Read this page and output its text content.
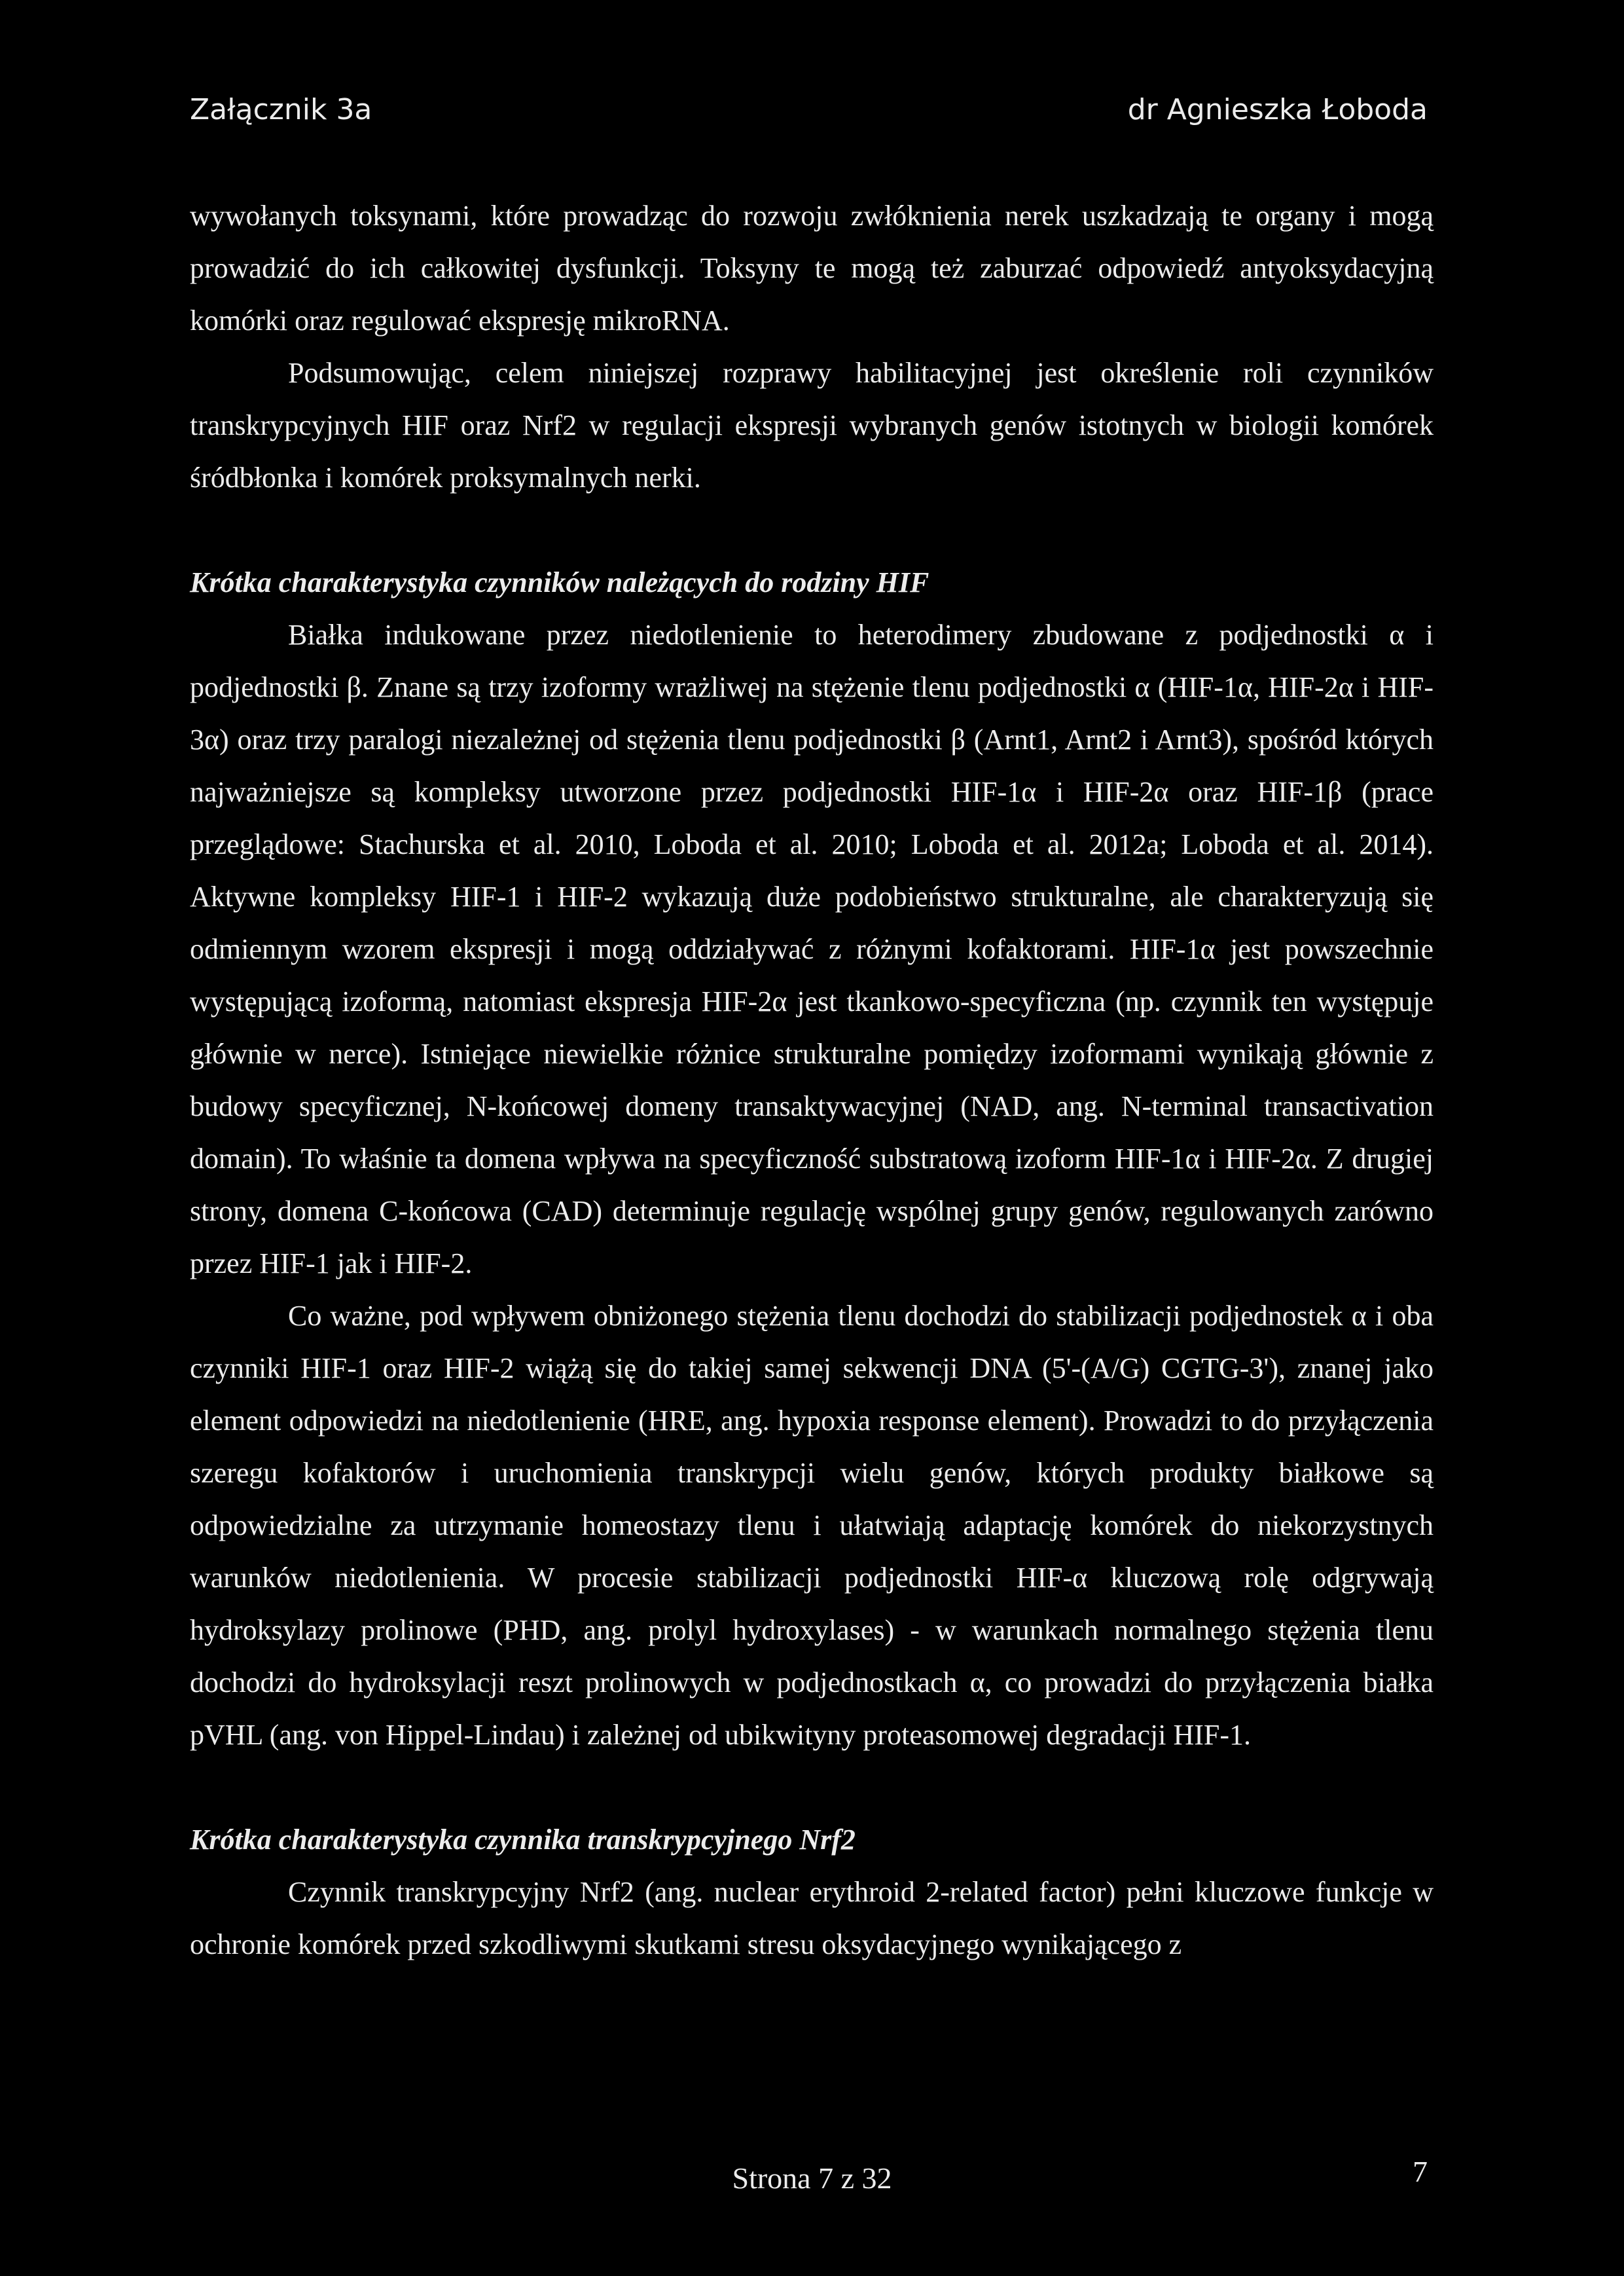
Załącznik 3a	dr Agnieszka Łoboda

wywołanych toksynami, które prowadząc do rozwoju zwłóknienia nerek uszkadzają te organy i mogą prowadzić do ich całkowitej dysfunkcji. Toksyny te mogą też zaburzać odpowiedź antyoksydacyjną komórki oraz regulować ekspresję mikroRNA.

Podsumowując, celem niniejszej rozprawy habilitacyjnej jest określenie roli czynników transkrypcyjnych HIF oraz Nrf2 w regulacji ekspresji wybranych genów istotnych w biologii komórek śródbłonka i komórek proksymalnych nerki.

Krótka charakterystyka czynników należących do rodziny HIF

Białka indukowane przez niedotlenienie to heterodimery zbudowane z podjednostki α i podjednostki β. Znane są trzy izoformy wrażliwej na stężenie tlenu podjednostki α (HIF-1α, HIF-2α i HIF-3α) oraz trzy paralogi niezależnej od stężenia tlenu podjednostki β (Arnt1, Arnt2 i Arnt3), spośród których najważniejsze są kompleksy utworzone przez podjednostki HIF-1α i HIF-2α oraz HIF-1β (prace przeglądowe: Stachurska et al. 2010, Loboda et al. 2010; Loboda et al. 2012a; Loboda et al. 2014). Aktywne kompleksy HIF-1 i HIF-2 wykazują duże podobieństwo strukturalne, ale charakteryzują się odmiennym wzorem ekspresji i mogą oddziaływać z różnymi kofaktorami. HIF-1α jest powszechnie występującą izoformą, natomiast ekspresja HIF-2α jest tkankowo-specyficzna (np. czynnik ten występuje głównie w nerce). Istniejące niewielkie różnice strukturalne pomiędzy izoformami wynikają głównie z budowy specyficznej, N-końcowej domeny transaktywacyjnej (NAD, ang. N-terminal transactivation domain). To właśnie ta domena wpływa na specyficzność substratową izoform HIF-1α i HIF-2α. Z drugiej strony, domena C-końcowa (CAD) determinuje regulację wspólnej grupy genów, regulowanych zarówno przez HIF-1 jak i HIF-2.

Co ważne, pod wpływem obniżonego stężenia tlenu dochodzi do stabilizacji podjednostek α i oba czynniki HIF-1 oraz HIF-2 wiążą się do takiej samej sekwencji DNA (5'-(A/G) CGTG-3'), znanej jako element odpowiedzi na niedotlenienie (HRE, ang. hypoxia response element). Prowadzi to do przyłączenia szeregu kofaktorów i uruchomienia transkrypcji wielu genów, których produkty białkowe są odpowiedzialne za utrzymanie homeostazy tlenu i ułatwiają adaptację komórek do niekorzystnych warunków niedotlenienia. W procesie stabilizacji podjednostki HIF-α kluczową rolę odgrywają hydroksylazy prolinowe (PHD, ang. prolyl hydroxylases) - w warunkach normalnego stężenia tlenu dochodzi do hydroksylacji reszt prolinowych w podjednostkach α, co prowadzi do przyłączenia białka pVHL (ang. von Hippel-Lindau) i zależnej od ubikwityny proteasomowej degradacji HIF-1.

Krótka charakterystyka czynnika transkrypcyjnego Nrf2

Czynnik transkrypcyjny Nrf2 (ang. nuclear erythroid 2-related factor) pełni kluczowe funkcje w ochronie komórek przed szkodliwymi skutkami stresu oksydacyjnego wynikającego z

Strona 7 z 32	7
